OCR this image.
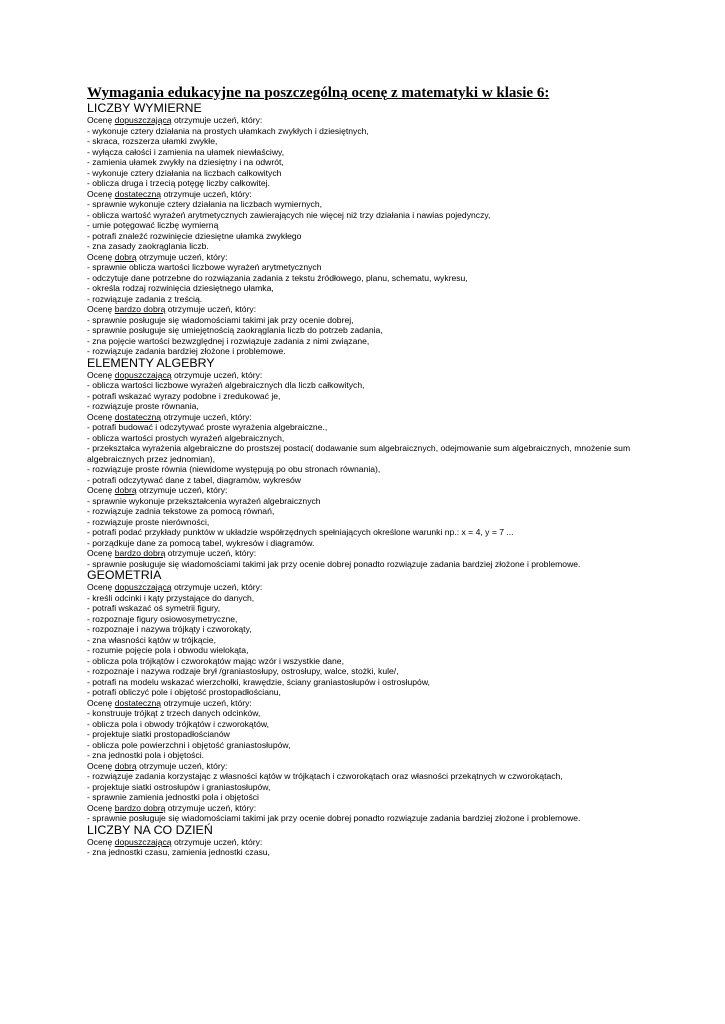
Wymagania edukacyjne na poszczególną ocenę z matematyki w klasie 6:

LICZBY WYMIERNE

Ocenę dopuszczającą otrzymuje uczeń, który:

- wykonuje cztery działania na prostych ułamkach zwykłych i dziesiętnych,

- skraca, rozszerza ułamki zwykłe,

- wyłącza całości i zamienia na ułamek niewłaściwy,

- zamienia ułamek zwykły na dziesiętny i na odwrót,

- wykonuje cztery działania na liczbach całkowitych

- oblicza druga i trzecią potęgę liczby całkowitej.

Ocenę dostateczną otrzymuje uczeń, który:

- sprawnie wykonuje cztery działania na liczbach wymiernych,

- oblicza wartość wyrażeń arytmetycznych zawierających nie więcej niż trzy działania i nawias pojedynczy,

- umie potęgować liczbę wymierną

- potrafi znaleźć rozwinięcie dziesiętne ułamka zwykłego

- zna zasady zaokrąglania liczb.

Ocenę dobrą otrzymuje uczeń, który:

- sprawnie oblicza wartości liczbowe wyrażeń arytmetycznych

- odczytuje dane potrzebne do rozwiązania zadania z tekstu źródłowego, planu, schematu, wykresu,

- określa rodzaj rozwinięcia dziesiętnego ułamka,

- rozwiązuje zadania z treścią.

Ocenę bardzo dobrą otrzymuje uczeń, który:

- sprawnie posługuje się wiadomościami takimi jak przy ocenie dobrej,

- sprawnie posługuje się umiejętnością zaokrąglania liczb do potrzeb zadania,

- zna pojęcie wartości bezwzględnej i rozwiązuje zadania z nimi związane,

- rozwiązuje zadania bardziej złożone i problemowe.

ELEMENTY ALGEBRY

Ocenę dopuszczającą otrzymuje uczeń, który:

- oblicza wartości liczbowe wyrażeń algebraicznych dla liczb całkowitych,

- potrafi wskazać wyrazy podobne i zredukować je,

- rozwiązuje proste równania,

Ocenę dostateczną otrzymuje uczeń, który:

- potrafi budować i odczytywać proste wyrażenia algebraiczne.,

- oblicza wartości prostych wyrażeń algebraicznych,

- przekształca wyrażenia algebraiczne do prostszej postaci( dodawanie sum algebraicznych, odejmowanie sum algebraicznych, mnożenie sum algebraicznych przez jednomian),

- rozwiązuje proste równia (niewidome występują po obu stronach równania),

- potrafi odczytywać dane z tabel, diagramów, wykresów

Ocenę dobrą otrzymuje uczeń, który:

- sprawnie wykonuje przekształcenia wyrażeń algebraicznych

- rozwiązuje zadnia tekstowe za pomocą równań,

- rozwiązuje proste nierówności,

- potrafi podać przykłady punktów w układzie współrzędnych spełniających określone warunki np.: x = 4, y = 7 ...

- porządkuje dane za pomocą tabel, wykresów i diagramów.

Ocenę bardzo dobrą otrzymuje uczeń, który:

- sprawnie posługuje się wiadomościami takimi jak przy ocenie dobrej ponadto rozwiązuje zadania bardziej złożone i problemowe.

GEOMETRIA

Ocenę dopuszczającą otrzymuje uczeń, który:

- kreśli odcinki i kąty przystające do danych,

- potrafi wskazać oś symetrii figury,

- rozpoznaje figury osiowosymetryczne,

- rozpoznaje i nazywa trójkąty i czworokąty,

- zna własności kątów w trójkącie,

- rozumie pojęcie pola i obwodu wielokąta,

- oblicza pola trójkątów i czworokątów mając wzór i wszystkie dane,

- rozpoznaje i nazywa rodzaje brył /graniastosłupy, ostrosłupy, walce, stożki, kule/,

- potrafi na modelu wskazać wierzchołki, krawędzie, ściany graniastosłupów i ostrosłupów,

- potrafi obliczyć pole i objętość prostopadłościanu,

Ocenę dostateczną otrzymuje uczeń, który:

- konstruuje trójkąt z trzech danych odcinków,

- oblicza pola i obwody trójkątów i czworokątów,

- projektuje siatki prostopadłościanów

- oblicza pole powierzchni i objętość graniastosłupów,

- zna jednostki pola i objętości.

Ocenę dobrą otrzymuje uczeń, który:

- rozwiązuje zadania korzystając z własności kątów w trójkątach i czworokątach oraz własności przekątnych w czworokątach,

- projektuje siatki ostrosłupów i graniastosłupów,

- sprawnie zamienia jednostki pola i objętości

Ocenę bardzo dobrą otrzymuje uczeń, który:

- sprawnie posługuje się wiadomościami takimi jak przy ocenie dobrej ponadto rozwiązuje zadania bardziej złożone i problemowe.

LICZBY NA CO DZIEŃ

Ocenę dopuszczającą otrzymuje uczeń, który:

- zna jednostki czasu, zamienia jednostki czasu,
